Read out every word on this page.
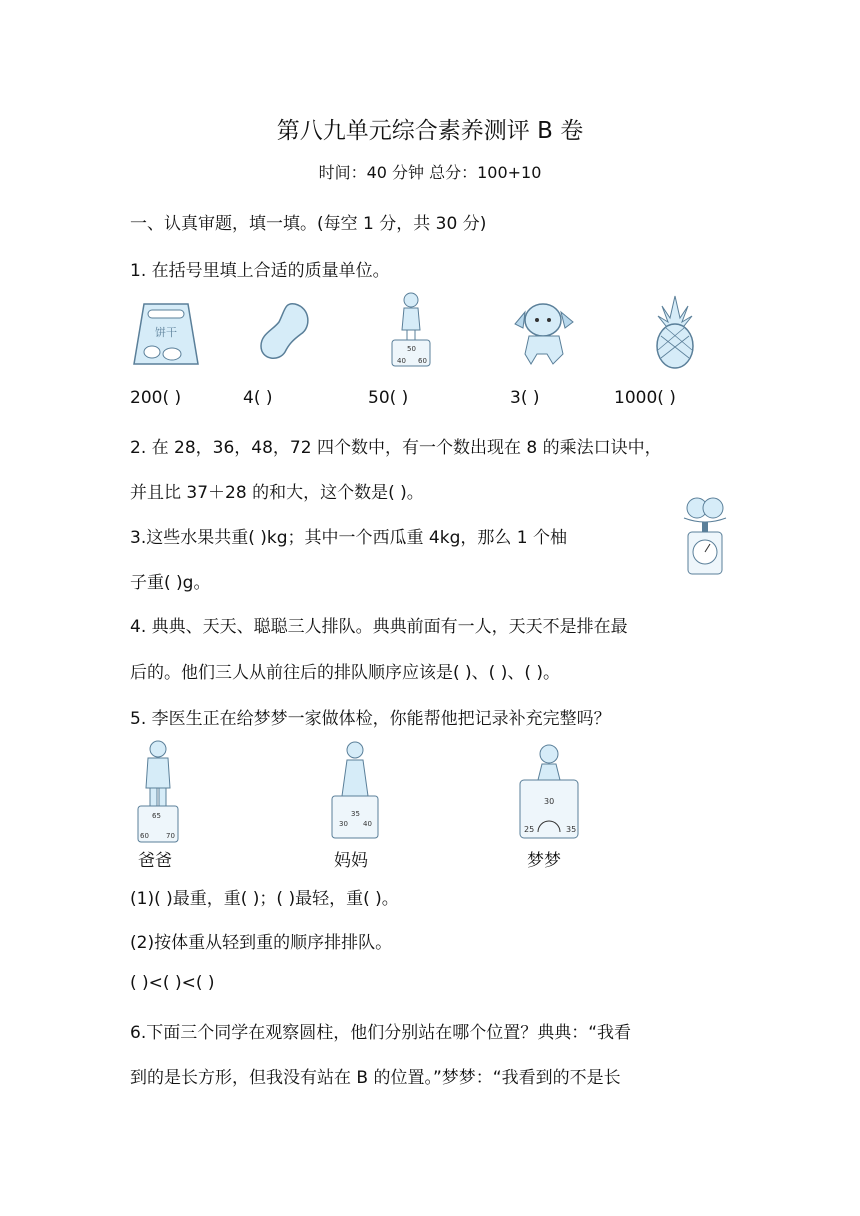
第八九单元综合素养测评 B 卷
时间：40 分钟 总分：100+10
一、认真审题，填一填。(每空 1 分，共 30 分)
1. 在括号里填上合适的质量单位。
饼干
40
50
60
200( )	4( )	50( )	3( )	1000( )
2. 在 28，36，48，72 四个数中，有一个数出现在 8 的乘法口诀中，
并且比 37＋28 的和大，这个数是( )。
3.这些水果共重( )kg；其中一个西瓜重 4kg，那么 1 个柚
子重( )g。
4. 典典、天天、聪聪三人排队。典典前面有一人，天天不是排在最
后的。他们三人从前往后的排队顺序应该是( )、( )、( )。
5. 李医生正在给梦梦一家做体检，你能帮他把记录补充完整吗？
60
65
70
爸爸
30
35
40
妈妈
25
30
35
梦梦
(1)( )最重，重( )；( )最轻，重( )。
(2)按体重从轻到重的顺序排排队。
( )<( )<( )
6.下面三个同学在观察圆柱，他们分别站在哪个位置？典典：“我看
到的是长方形，但我没有站在 B 的位置。”梦梦：“我看到的不是长
